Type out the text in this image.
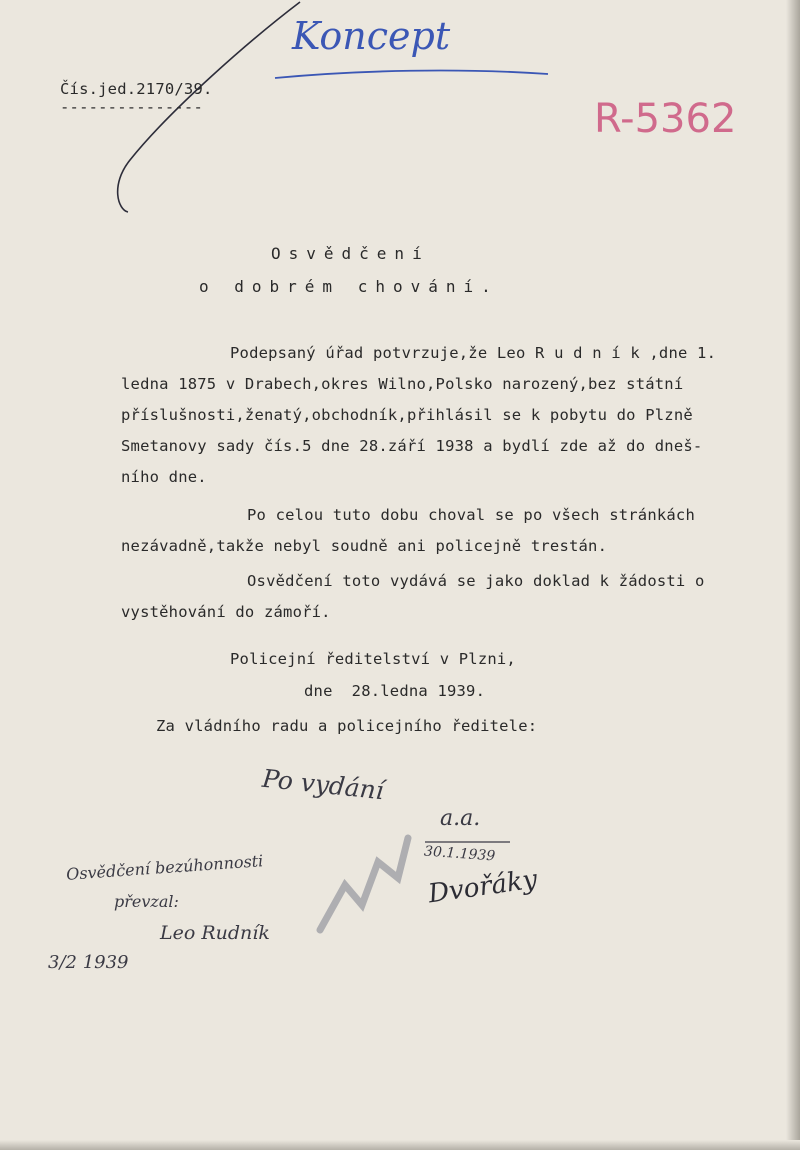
Koncept
Čís.jed.2170/39.
---------------	R-5362
Osvědčení
o dobrém chování.
Podepsaný úřad potvrzuje,že Leo R u d n í k ,dne 1.
ledna 1875 v Drabech,okres Wilno,Polsko narozený,bez státní
příslušnosti,ženatý,obchodník,přihlásil se k pobytu do Plzně
Smetanovy sady čís.5 dne 28.září 1938 a bydlí zde až do dneš-
ního dne.
Po celou tuto dobu choval se po všech stránkách
nezávadně,takže nebyl soudně ani policejně trestán.
Osvědčení toto vydává se jako doklad k žádosti o
vystěhování do zámoří.
Policejní ředitelství v Plzni,
dne  28.ledna 1939.
Za vládního radu a policejního ředitele:
Po vydání
a.a.
30.1.1939
Dvořáky
Osvědčení bezúhonnosti
převzal:
Leo Rudník
3/2 1939
